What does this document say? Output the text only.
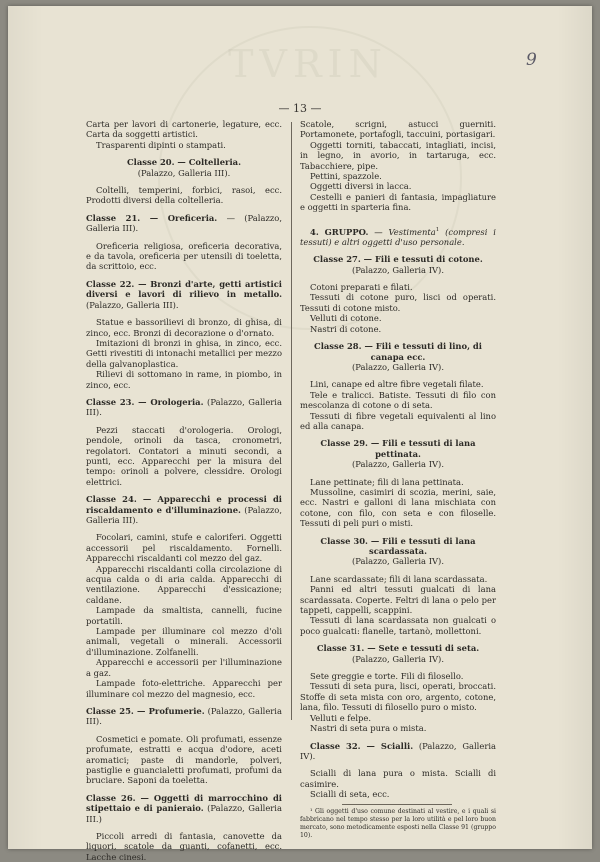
TVRIN
— 13 —
9

Carta per lavori di cartonerie, legature, ecc. Carta da soggetti artistici.

Trasparenti dipinti o stampati.

Classe 20. — Coltelleria.

(Palazzo, Galleria III).

Coltelli, temperini, forbici, rasoi, ecc. Prodotti diversi della coltelleria.

Classe 21. — Oreficeria. — (Palazzo, Galleria III).

Oreficeria religiosa, oreficeria decorativa, e da tavola, oreficeria per utensili di toeletta, da scrittoio, ecc.

Classe 22. — Bronzi d'arte, getti artistici diversi e lavori di rilievo in metallo. (Palazzo, Galleria III).

Statue e bassorilievi di bronzo, di ghisa, di zinco, ecc. Bronzi di decorazione o d'ornato.

Imitazioni di bronzi in ghisa, in zinco, ecc. Getti rivestiti di intonachi metallici per mezzo della galvanoplastica.

Rilievi di sottomano in rame, in piombo, in zinco, ecc.

Classe 23. — Orologeria. (Palazzo, Galleria III).

Pezzi staccati d'orologeria. Orologi, pendole, orinoli da tasca, cronometri, regolatori. Contatori a minuti secondi, a punti, ecc. Apparecchi per la misura del tempo: orinoli a polvere, clessidre. Orologi elettrici.

Classe 24. — Apparecchi e processi di riscaldamento e d'illuminazione. (Palazzo, Galleria III).

Focolari, camini, stufe e caloriferi. Oggetti accessorii pel riscaldamento. Fornelli. Apparecchi riscaldanti col mezzo del gaz.

Apparecchi riscaldanti colla circolazione di acqua calda o di aria calda. Apparecchi di ventilazione. Apparecchi d'essicazione; caldane.

Lampade da smaltista, cannelli, fucine portatili.

Lampade per illuminare col mezzo d'oli animali, vegetali o minerali. Accessorii d'illuminazione. Zolfanelli.

Apparecchi e accessorii per l'illuminazione a gaz.

Lampade foto-elettriche. Apparecchi per illuminare col mezzo del magnesio, ecc.

Classe 25. — Profumerie. (Palazzo, Galleria III).

Cosmetici e pomate. Oli profumati, essenze profumate, estratti e acqua d'odore, aceti aromatici; paste di mandorle, polveri, pastiglie e guancialetti profumati, profumi da bruciare. Saponi da toeletta.

Classe 26. — Oggetti di marrocchino di stipettaio e di panieraio. (Palazzo, Galleria III.)

Piccoli arredi di fantasia, canovette da liquori, scatole da guanti, cofanetti, ecc. Lacche cinesi.

Scatole, scrigni, astucci guerniti. Portamonete, portafogli, taccuini, portasigari.

Oggetti torniti, tabaccati, intagliati, incisi, in legno, in avorio, in tartaruga, ecc. Tabacchiere, pipe.

Pettini, spazzole.

Oggetti diversi in lacca.

Cestelli e panieri di fantasia, impagliature e oggetti in sparteria fina.

4. GRUPPO. — Vestimenta$^1$ (compresi i tessuti) e altri oggetti d'uso personale.

Classe 27. — Fili e tessuti di cotone.

(Palazzo, Galleria IV).

Cotoni preparati e filati.

Tessuti di cotone puro, lisci od operati. Tessuti di cotone misto.

Velluti di cotone.

Nastri di cotone.

Classe 28. — Fili e tessuti di lino, di canapa ecc.

(Palazzo, Galleria IV).

Lini, canape ed altre fibre vegetali filate.

Tele e tralicci. Batiste. Tessuti di filo con mescolanza di cotone o di seta.

Tessuti di fibre vegetali equivalenti al lino ed alla canapa.

Classe 29. — Fili e tessuti di lana pettinata.

(Palazzo, Galleria IV).

Lane pettinate; fili di lana pettinata.

Mussoline, casimiri di scozia, merini, saie, ecc. Nastri e galloni di lana mischiata con cotone, con filo, con seta e con filoselle. Tessuti di peli puri o misti.

Classe 30. — Fili e tessuti di lana scardassata.

(Palazzo, Galleria IV).

Lane scardassate; fili di lana scardassata.

Panni ed altri tessuti gualcati di lana scardassata. Coperte. Feltri di lana o pelo per tappeti, cappelli, scappini.

Tessuti di lana scardassata non gualcati o poco gualcati: flanelle, tartanò, mollettoni.

Classe 31. — Sete e tessuti di seta.

(Palazzo, Galleria IV).

Sete greggie e torte. Fili di filosello.

Tessuti di seta pura, lisci, operati, broccati. Stoffe di seta mista con oro, argento, cotone, lana, filo. Tessuti di filosello puro o misto.

Velluti e felpe.

Nastri di seta pura o mista.

Classe 32. — Scialli. (Palazzo, Galleria IV).

Scialli di lana pura o mista. Scialli di casimire.

Scialli di seta, ecc.

¹ Gli oggetti d'uso comune destinati al vestire, e i quali si fabbricano nel tempo stesso per la loro utilità e pel loro buon mercato, sono metodicamente esposti nella Classe 91 (gruppo 10).
